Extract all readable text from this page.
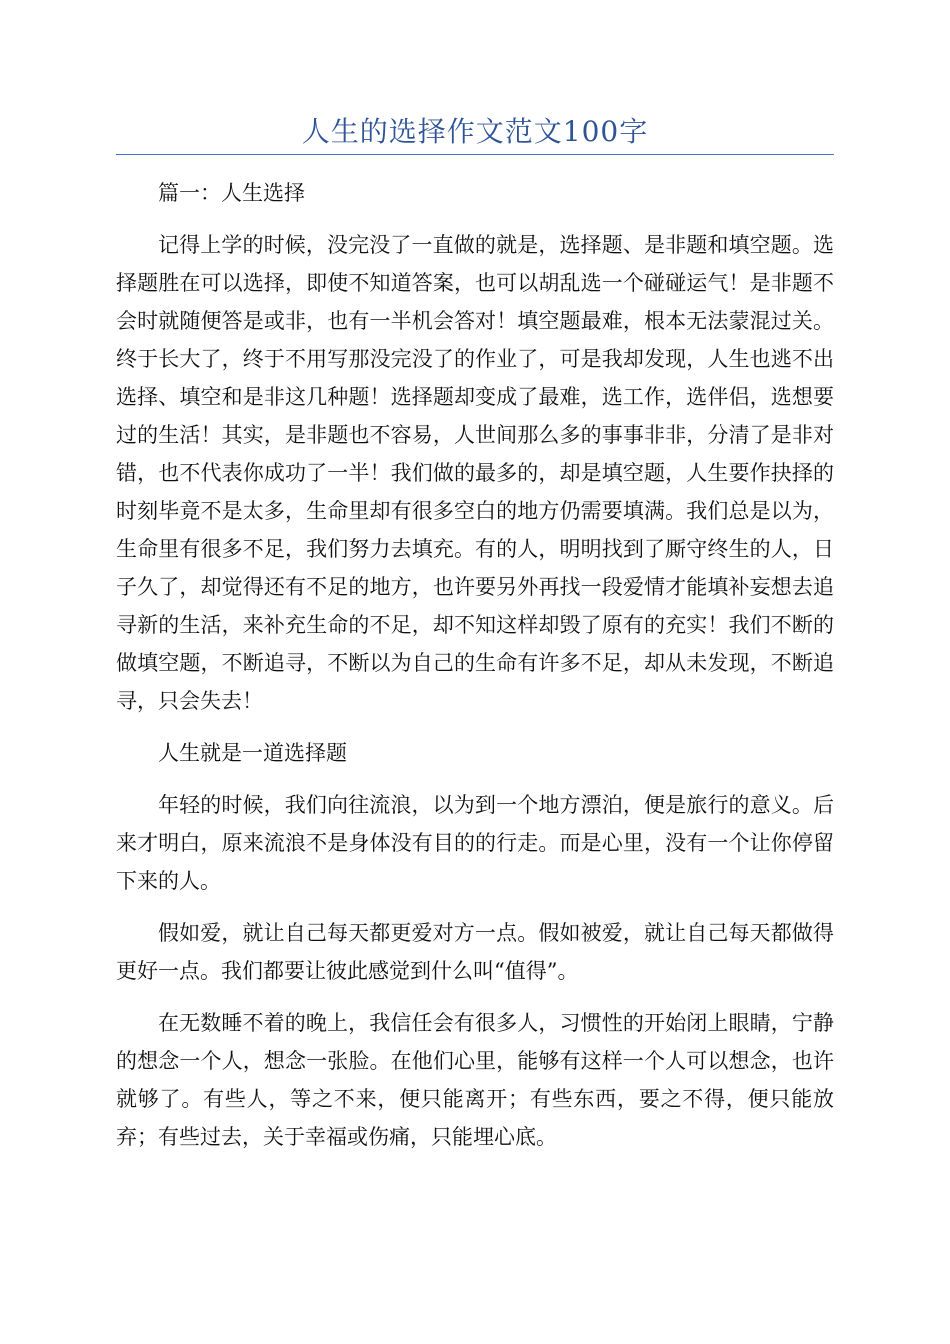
人生的选择作文范文100字

篇一：人生选择

记得上学的时候，没完没了一直做的就是，选择题、是非题和填空题。选择题胜在可以选择，即使不知道答案，也可以胡乱选一个碰碰运气！是非题不会时就随便答是或非，也有一半机会答对！填空题最难，根本无法蒙混过关。终于长大了，终于不用写那没完没了的作业了，可是我却发现，人生也逃不出选择、填空和是非这几种题！选择题却变成了最难，选工作，选伴侣，选想要过的生活！其实，是非题也不容易，人世间那么多的事事非非，分清了是非对错，也不代表你成功了一半！我们做的最多的，却是填空题，人生要作抉择的时刻毕竟不是太多，生命里却有很多空白的地方仍需要填满。我们总是以为，生命里有很多不足，我们努力去填充。有的人，明明找到了厮守终生的人，日子久了，却觉得还有不足的地方，也许要另外再找一段爱情才能填补妄想去追寻新的生活，来补充生命的不足，却不知这样却毁了原有的充实！我们不断的做填空题，不断追寻，不断以为自己的生命有许多不足，却从未发现，不断追寻，只会失去！

人生就是一道选择题

年轻的时候，我们向往流浪，以为到一个地方漂泊，便是旅行的意义。后来才明白，原来流浪不是身体没有目的的行走。而是心里，没有一个让你停留下来的人。

假如爱，就让自己每天都更爱对方一点。假如被爱，就让自己每天都做得更好一点。我们都要让彼此感觉到什么叫“值得”。

在无数睡不着的晚上，我信任会有很多人，习惯性的开始闭上眼睛，宁静的想念一个人，想念一张脸。在他们心里，能够有这样一个人可以想念，也许就够了。有些人，等之不来，便只能离开；有些东西，要之不得，便只能放弃；有些过去，关于幸福或伤痛，只能埋心底。
